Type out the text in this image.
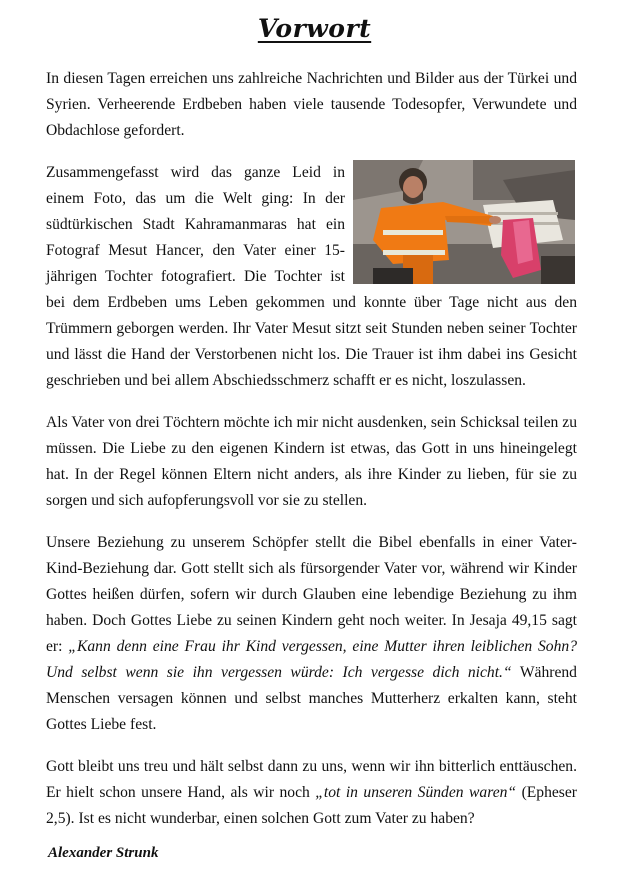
Vorwort

In diesen Tagen erreichen uns zahlreiche Nachrichten und Bilder aus der Türkei und Syrien. Verheerende Erdbeben haben viele tausende Todesopfer, Verwundete und Obdachlose gefordert.

Zusammengefasst wird das ganze Leid in einem Foto, das um die Welt ging: In der südtürkischen Stadt Kahramanmaras hat ein Fotograf Mesut Hancer, den Vater einer 15-jährigen Tochter fotografiert. Die Tochter ist bei dem Erdbeben ums Leben gekommen und konnte über Tage nicht aus den Trümmern geborgen werden. Ihr Vater Mesut sitzt seit Stunden neben seiner Tochter und lässt die Hand der Verstorbenen nicht los. Die Trauer ist ihm dabei ins Gesicht geschrieben und bei allem Abschiedsschmerz schafft er es nicht, loszulassen.

Als Vater von drei Töchtern möchte ich mir nicht ausdenken, sein Schicksal teilen zu müssen. Die Liebe zu den eigenen Kindern ist etwas, das Gott in uns hineingelegt hat. In der Regel können Eltern nicht anders, als ihre Kinder zu lieben, für sie zu sorgen und sich aufopferungsvoll vor sie zu stellen.

Unsere Beziehung zu unserem Schöpfer stellt die Bibel ebenfalls in einer Vater-Kind-Beziehung dar. Gott stellt sich als fürsorgender Vater vor, während wir Kinder Gottes heißen dürfen, sofern wir durch Glauben eine lebendige Beziehung zu ihm haben. Doch Gottes Liebe zu seinen Kindern geht noch weiter. In Jesaja 49,15 sagt er: „Kann denn eine Frau ihr Kind vergessen, eine Mutter ihren leiblichen Sohn? Und selbst wenn sie ihn vergessen würde: Ich vergesse dich nicht.“ Während Menschen versagen können und selbst manches Mutterherz erkalten kann, steht Gottes Liebe fest.

Gott bleibt uns treu und hält selbst dann zu uns, wenn wir ihn bitterlich enttäuschen. Er hielt schon unsere Hand, als wir noch „tot in unseren Sünden waren“ (Epheser 2,5). Ist es nicht wunderbar, einen solchen Gott zum Vater zu haben?

Alexander Strunk
